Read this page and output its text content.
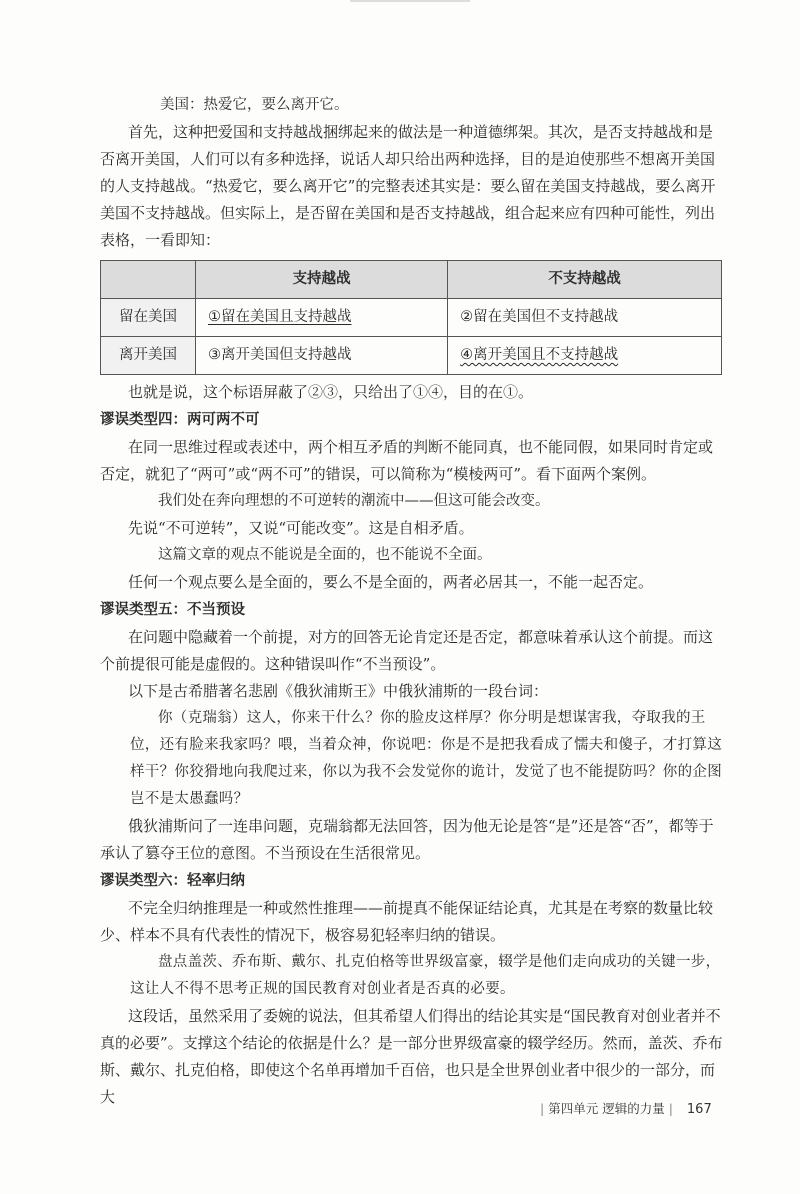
美国：热爱它，要么离开它。

首先，这种把爱国和支持越战捆绑起来的做法是一种道德绑架。其次，是否支持越战和是否离开美国，人们可以有多种选择，说话人却只给出两种选择，目的是迫使那些不想离开美国的人支持越战。“热爱它，要么离开它”的完整表述其实是：要么留在美国支持越战，要么离开美国不支持越战。但实际上，是否留在美国和是否支持越战，组合起来应有四种可能性，列出表格，一看即知：

	支持越战	不支持越战
留在美国	①留在美国且支持越战	②留在美国但不支持越战
离开美国	③离开美国但支持越战	④离开美国且不支持越战

也就是说，这个标语屏蔽了②③，只给出了①④，目的在①。

谬误类型四：两可两不可

在同一思维过程或表述中，两个相互矛盾的判断不能同真，也不能同假，如果同时肯定或否定，就犯了“两可”或“两不可”的错误，可以简称为“模棱两可”。看下面两个案例。

我们处在奔向理想的不可逆转的潮流中——但这可能会改变。

先说“不可逆转”，又说“可能改变”。这是自相矛盾。

这篇文章的观点不能说是全面的，也不能说不全面。

任何一个观点要么是全面的，要么不是全面的，两者必居其一，不能一起否定。

谬误类型五：不当预设

在问题中隐藏着一个前提，对方的回答无论肯定还是否定，都意味着承认这个前提。而这个前提很可能是虚假的。这种错误叫作“不当预设”。

以下是古希腊著名悲剧《俄狄浦斯王》中俄狄浦斯的一段台词：

你（克瑞翁）这人，你来干什么？你的脸皮这样厚？你分明是想谋害我，夺取我的王位，还有脸来我家吗？喂，当着众神，你说吧：你是不是把我看成了懦夫和傻子，才打算这样干？你狡猾地向我爬过来，你以为我不会发觉你的诡计，发觉了也不能提防吗？你的企图岂不是太愚蠢吗？

俄狄浦斯问了一连串问题，克瑞翁都无法回答，因为他无论是答“是”还是答“否”，都等于承认了篡夺王位的意图。不当预设在生活很常见。

谬误类型六：轻率归纳

不完全归纳推理是一种或然性推理——前提真不能保证结论真，尤其是在考察的数量比较少、样本不具有代表性的情况下，极容易犯轻率归纳的错误。

盘点盖茨、乔布斯、戴尔、扎克伯格等世界级富豪，辍学是他们走向成功的关键一步，这让人不得不思考正规的国民教育对创业者是否真的必要。

这段话，虽然采用了委婉的说法，但其希望人们得出的结论其实是“国民教育对创业者并不真的必要”。支撑这个结论的依据是什么？是一部分世界级富豪的辍学经历。然而，盖茨、乔布斯、戴尔、扎克伯格，即使这个名单再增加千百倍，也只是全世界创业者中很少的一部分，而大

| 第四单元 逻辑的力量 | 167
